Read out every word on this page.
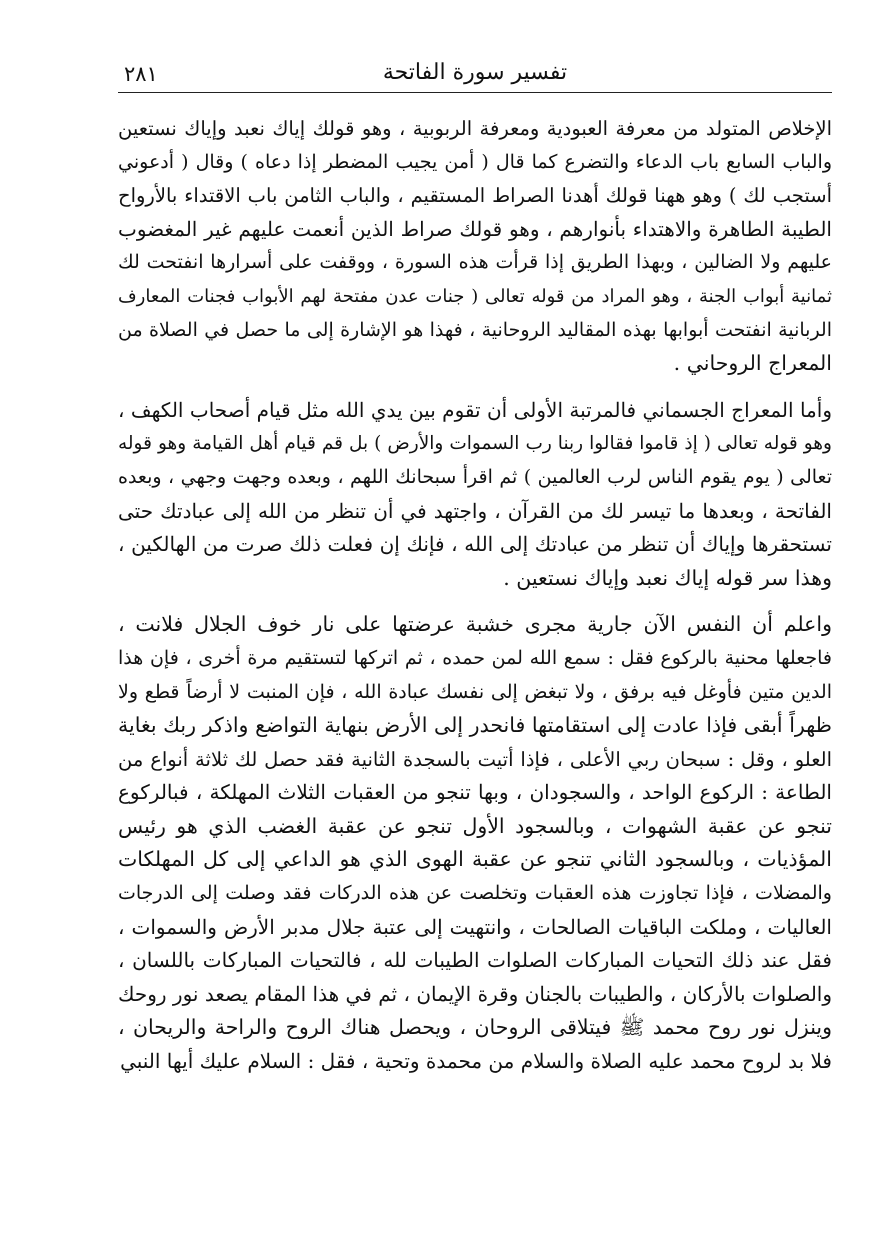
تفسير سورة الفاتحة
٢٨١

الإخلاص المتولد من معرفة العبودية ومعرفة الربوبية ، وهو قولك إياك نعبد وإياك نستعين
والباب السابع باب الدعاء والتضرع كما قال ( أمن يجيب المضطر إذا دعاه ) وقال ( أدعوني
أستجب لك ) وهو ههنا قولك أهدنا الصراط المستقيم ، والباب الثامن باب الاقتداء بالأرواح
الطيبة الطاهرة والاهتداء بأنوارهم ، وهو قولك صراط الذين أنعمت عليهم غير المغضوب
عليهم ولا الضالين ، وبهذا الطريق إذا قرأت هذه السورة ، ووقفت على أسرارها انفتحت لك
ثمانية أبواب الجنة ، وهو المراد من قوله تعالى ( جنات عدن مفتحة لهم الأبواب فجنات المعارف
الربانية انفتحت أبوابها بهذه المقاليد الروحانية ، فهذا هو الإشارة إلى ما حصل في الصلاة من
المعراج الروحاني .

وأما المعراج الجسماني فالمرتبة الأولى أن تقوم بين يدي الله مثل قيام أصحاب الكهف ،
وهو قوله تعالى ( إذ قاموا فقالوا ربنا رب السموات والأرض ) بل قم قيام أهل القيامة وهو قوله
تعالى ( يوم يقوم الناس لرب العالمين ) ثم اقرأ سبحانك اللهم ، وبعده وجهت وجهي ، وبعده
الفاتحة ، وبعدها ما تيسر لك من القرآن ، واجتهد في أن تنظر من الله إلى عبادتك حتى
تستحقرها وإياك أن تنظر من عبادتك إلى الله ، فإنك إن فعلت ذلك صرت من الهالكين ،
وهذا سر قوله إياك نعبد وإياك نستعين .

واعلم أن النفس الآن جارية مجرى خشبة عرضتها على نار خوف الجلال فلانت ،
فاجعلها محنية بالركوع فقل : سمع الله لمن حمده ، ثم اتركها لتستقيم مرة أخرى ، فإن هذا
الدين متين فأوغل فيه برفق ، ولا تبغض إلى نفسك عبادة الله ، فإن المنبت لا أرضاً قطع ولا
ظهراً أبقى فإذا عادت إلى استقامتها فانحدر إلى الأرض بنهاية التواضع واذكر ربك بغاية
العلو ، وقل : سبحان ربي الأعلى ، فإذا أتيت بالسجدة الثانية فقد حصل لك ثلاثة أنواع من
الطاعة : الركوع الواحد ، والسجودان ، وبها تنجو من العقبات الثلاث المهلكة ، فبالركوع
تنجو عن عقبة الشهوات ، وبالسجود الأول تنجو عن عقبة الغضب الذي هو رئيس
المؤذيات ، وبالسجود الثاني تنجو عن عقبة الهوى الذي هو الداعي إلى كل المهلكات
والمضلات ، فإذا تجاوزت هذه العقبات وتخلصت عن هذه الدركات فقد وصلت إلى الدرجات
العاليات ، وملكت الباقيات الصالحات ، وانتهيت إلى عتبة جلال مدبر الأرض والسموات ،
فقل عند ذلك التحيات المباركات الصلوات الطيبات لله ، فالتحيات المباركات باللسان ،
والصلوات بالأركان ، والطيبات بالجنان وقرة الإيمان ، ثم في هذا المقام يصعد نور روحك
وينزل نور روح محمد ﷺ فيتلاقى الروحان ، ويحصل هناك الروح والراحة والريحان ،
فلا بد لروح محمد عليه الصلاة والسلام من محمدة وتحية ، فقل : السلام عليك أيها النبي
